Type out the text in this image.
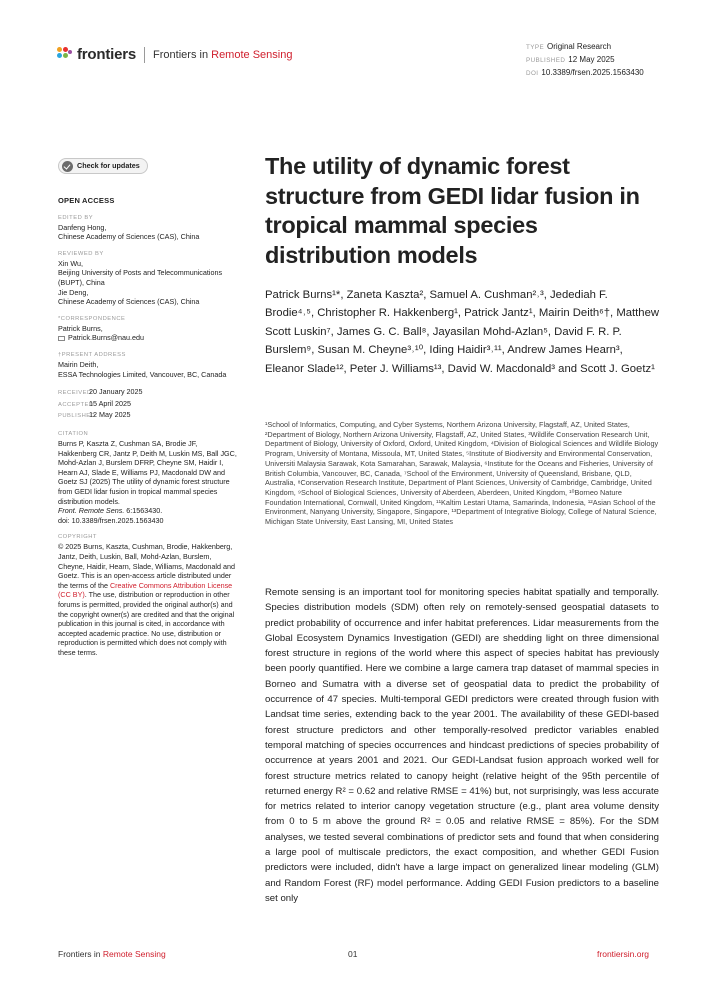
frontiers Frontiers in Remote Sensing
TYPE Original Research
PUBLISHED 12 May 2025
DOI 10.3389/frsen.2025.1563430
Check for updates
OPEN ACCESS
EDITED BY
Danfeng Hong,
Chinese Academy of Sciences (CAS), China
REVIEWED BY
Xin Wu,
Beijing University of Posts and Telecommunications (BUPT), China
Jie Deng,
Chinese Academy of Sciences (CAS), China
*CORRESPONDENCE
Patrick Burns,
Patrick.Burns@nau.edu
†PRESENT ADDRESS
Mairin Deith,
ESSA Technologies Limited, Vancouver, BC, Canada
RECEIVED20 January 2025
ACCEPTED15 April 2025
PUBLISHED12 May 2025
CITATION
Burns P, Kaszta Z, Cushman SA, Brodie JF, Hakkenberg CR, Jantz P, Deith M, Luskin MS, Ball JGC, Mohd-Azlan J, Burslem DFRP, Cheyne SM, Haidir I, Hearn AJ, Slade E, Williams PJ, Macdonald DW and Goetz SJ (2025) The utility of dynamic forest structure from GEDI lidar fusion in tropical mammal species distribution models.
Front. Remote Sens. 6:1563430.
doi: 10.3389/frsen.2025.1563430
COPYRIGHT
© 2025 Burns, Kaszta, Cushman, Brodie, Hakkenberg, Jantz, Deith, Luskin, Ball, Mohd-Azlan, Burslem, Cheyne, Haidir, Hearn, Slade, Williams, Macdonald and Goetz. This is an open-access article distributed under the terms of the Creative Commons Attribution License (CC BY). The use, distribution or reproduction in other forums is permitted, provided the original author(s) and the copyright owner(s) are credited and that the original publication in this journal is cited, in accordance with accepted academic practice. No use, distribution or reproduction is permitted which does not comply with these terms.
The utility of dynamic forest structure from GEDI lidar fusion in tropical mammal species distribution models
Patrick Burns¹*, Zaneta Kaszta², Samuel A. Cushman²˒³, Jedediah F. Brodie⁴˒⁵, Christopher R. Hakkenberg¹, Patrick Jantz¹, Mairin Deith⁶†, Matthew Scott Luskin⁷, James G. C. Ball⁸, Jayasilan Mohd-Azlan⁵, David F. R. P. Burslem⁹, Susan M. Cheyne³˒¹⁰, Iding Haidir³˒¹¹, Andrew James Hearn³, Eleanor Slade¹², Peter J. Williams¹³, David W. Macdonald³ and Scott J. Goetz¹
¹School of Informatics, Computing, and Cyber Systems, Northern Arizona University, Flagstaff, AZ, United States, ²Department of Biology, Northern Arizona University, Flagstaff, AZ, United States, ³Wildlife Conservation Research Unit, Department of Biology, University of Oxford, Oxford, United Kingdom, ⁴Division of Biological Sciences and Wildlife Biology Program, University of Montana, Missoula, MT, United States, ⁵Institute of Biodiversity and Environmental Conservation, Universiti Malaysia Sarawak, Kota Samarahan, Sarawak, Malaysia, ⁶Institute for the Oceans and Fisheries, University of British Columbia, Vancouver, BC, Canada, ⁷School of the Environment, University of Queensland, Brisbane, QLD, Australia, ⁸Conservation Research Institute, Department of Plant Sciences, University of Cambridge, Cambridge, United Kingdom, ⁹School of Biological Sciences, University of Aberdeen, Aberdeen, United Kingdom, ¹⁰Borneo Nature Foundation International, Cornwall, United Kingdom, ¹¹Kaltim Lestari Utama, Samarinda, Indonesia, ¹²Asian School of the Environment, Nanyang University, Singapore, Singapore, ¹³Department of Integrative Biology, College of Natural Science, Michigan State University, East Lansing, MI, United States
Remote sensing is an important tool for monitoring species habitat spatially and temporally. Species distribution models (SDM) often rely on remotely-sensed geospatial datasets to predict probability of occurrence and infer habitat preferences. Lidar measurements from the Global Ecosystem Dynamics Investigation (GEDI) are shedding light on three dimensional forest structure in regions of the world where this aspect of species habitat has previously been poorly quantified. Here we combine a large camera trap dataset of mammal species in Borneo and Sumatra with a diverse set of geospatial data to predict the probability of occurrence of 47 species. Multi-temporal GEDI predictors were created through fusion with Landsat time series, extending back to the year 2001. The availability of these GEDI-based forest structure predictors and other temporally-resolved predictor variables enabled temporal matching of species occurrences and hindcast predictions of species probability of occurrence at years 2001 and 2021. Our GEDI-Landsat fusion approach worked well for forest structure metrics related to canopy height (relative height of the 95th percentile of returned energy R² = 0.62 and relative RMSE = 41%) but, not surprisingly, was less accurate for metrics related to interior canopy vegetation structure (e.g., plant area volume density from 0 to 5 m above the ground R² = 0.05 and relative RMSE = 85%). For the SDM analyses, we tested several combinations of predictor sets and found that when considering a large pool of multiscale predictors, the exact composition, and whether GEDI Fusion predictors were included, didn't have a large impact on generalized linear modeling (GLM) and Random Forest (RF) model performance. Adding GEDI Fusion predictors to a baseline set only
Frontiers in Remote Sensing	01	frontiersin.org
